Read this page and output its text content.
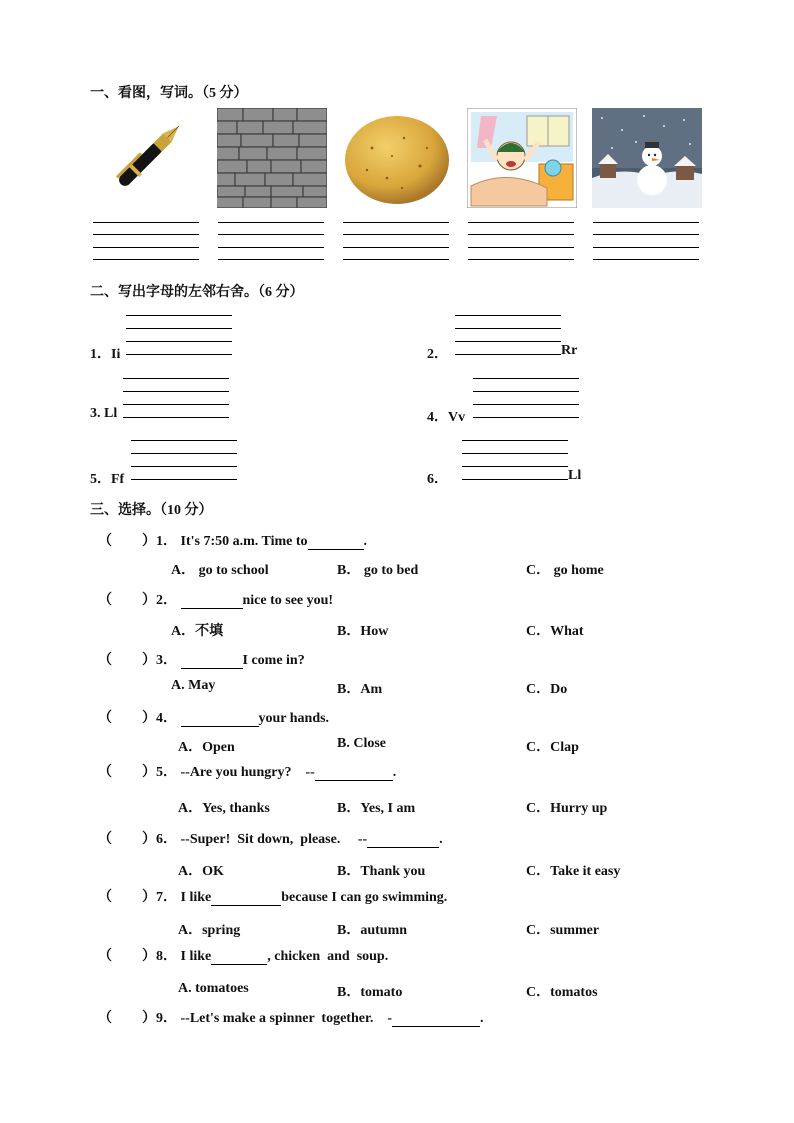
一、看图，写词。（5 分）
二、写出字母的左邻右舍。（6 分）
1．Ii	2．	Rr
3. Ll	4．Vv
5．Ff	6．	Ll
三、选择。（10 分）
（ ）1． It's 7:50 a.m. Time to	.
A． go to school	B． go to bed	C． go home
（ ）2．	nice to see you!
A．不填	B．How	C．What
（ ）3．	I come in?
A. May	B．Am	C．Do
（ ）4．	your hands.
A．Open	B. Close	C．Clap
（ ）5． --Are you hungry?    --	.
A．Yes, thanks	B．Yes, I am	C．Hurry up
（ ）6． --Super!  Sit down,  please.     --	.
A．OK	B．Thank you	C．Take it easy
（ ）7． I like	because I can go swimming.
A．spring	B．autumn	C．summer
（ ）8． I like	, chicken  and  soup.
A. tomatoes	B．tomato	C．tomatos
（ ）9． --Let's make a spinner  together.    -	.
